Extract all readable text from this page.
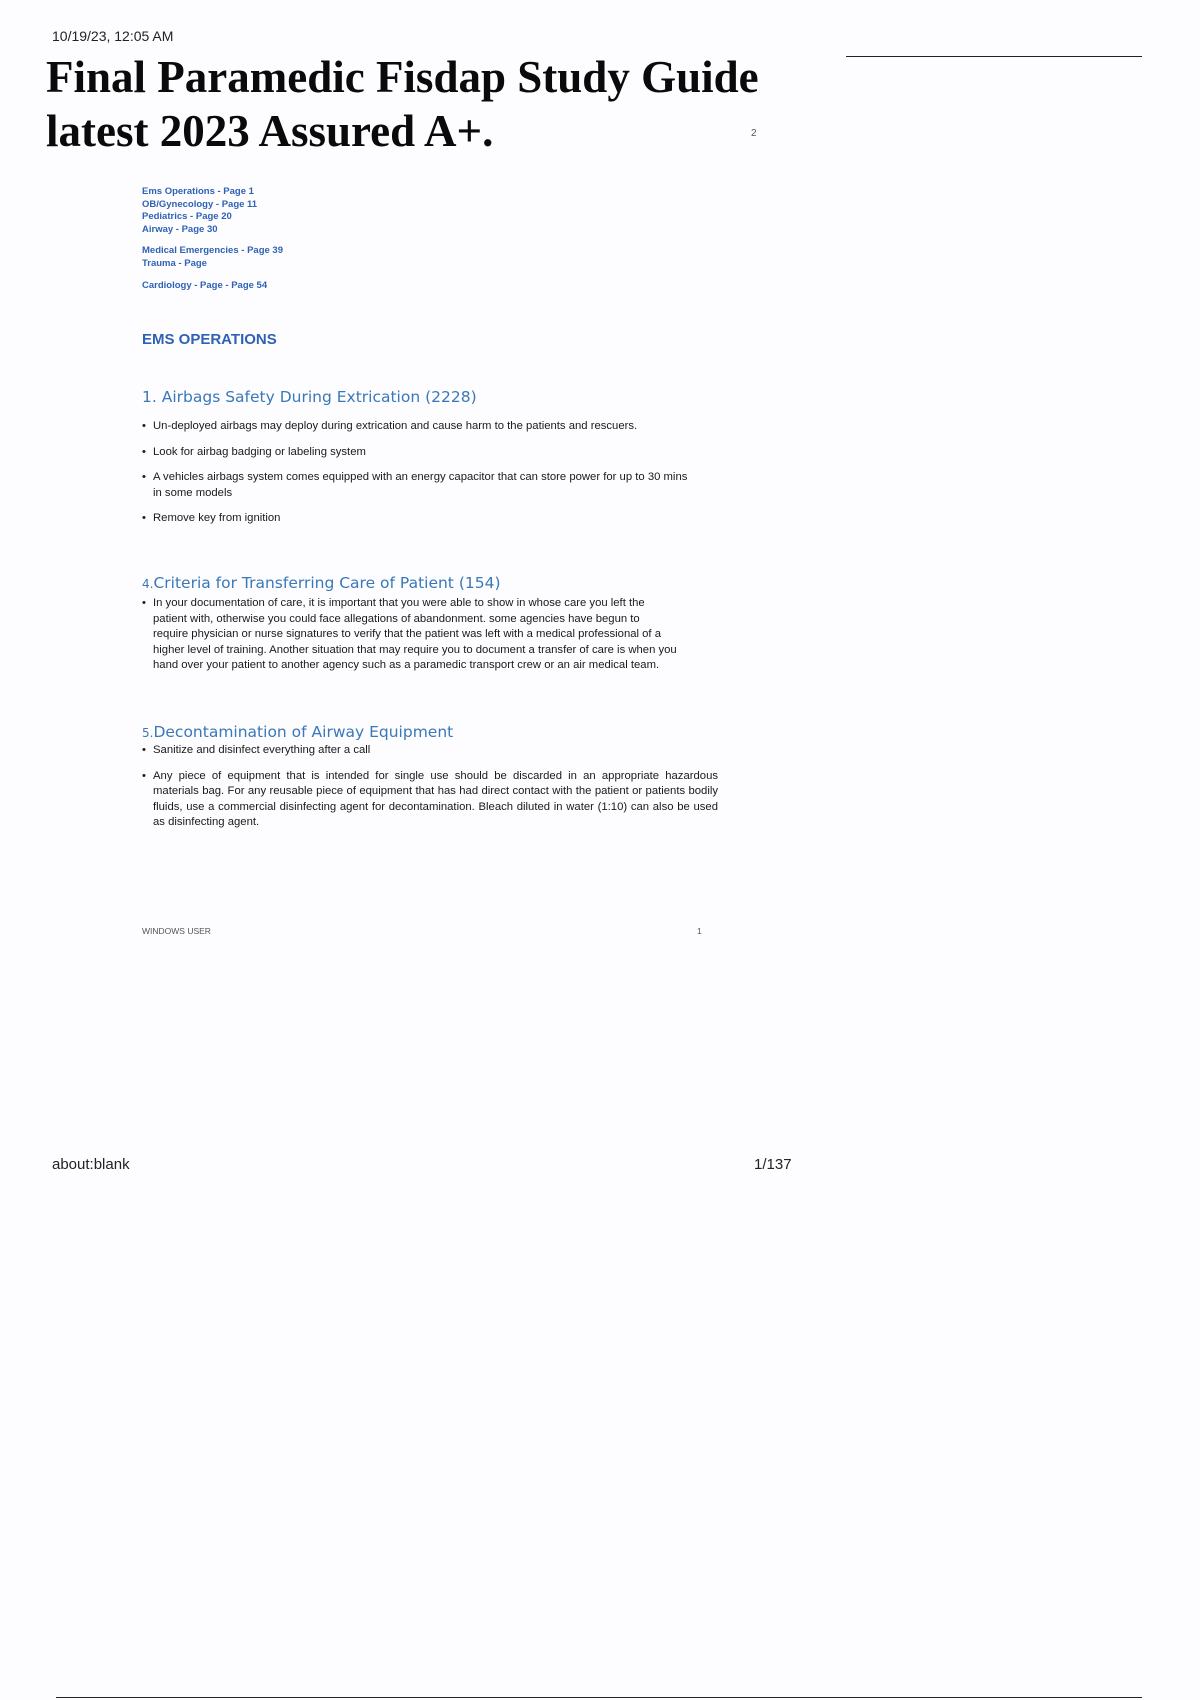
10/19/23, 12:05 AM
Final Paramedic Fisdap Study Guide
latest 2023 Assured A+.	2
Ems Operations - Page 1
OB/Gynecology - Page 11
Pediatrics - Page 20
Airway - Page 30
Medical Emergencies - Page 39
Trauma - Page
Cardiology - Page - Page 54
EMS OPERATIONS
1. Airbags Safety During Extrication (2228)
• Un-deployed airbags may deploy during extrication and cause harm to the patients and rescuers.
• Look for airbag badging or labeling system
• A vehicles airbags system comes equipped with an energy capacitor that can store power for up to 30 mins in some models
• Remove key from ignition
4.Criteria for Transferring Care of Patient (154)
• In your documentation of care, it is important that you were able to show in whose care you left the patient with, otherwise you could face allegations of abandonment. some agencies have begun to require physician or nurse signatures to verify that the patient was left with a medical professional of a higher level of training. Another situation that may require you to document a transfer of care is when you hand over your patient to another agency such as a paramedic transport crew or an air medical team.
5.Decontamination of Airway Equipment
• Sanitize and disinfect everything after a call
• Any piece of equipment that is intended for single use should be discarded in an appropriate hazardous materials bag. For any reusable piece of equipment that has had direct contact with the patient or patients bodily fluids, use a commercial disinfecting agent for decontamination. Bleach diluted in water (1:10) can also be used as disinfecting agent.
WINDOWS USER	1
about:blank	1/137
